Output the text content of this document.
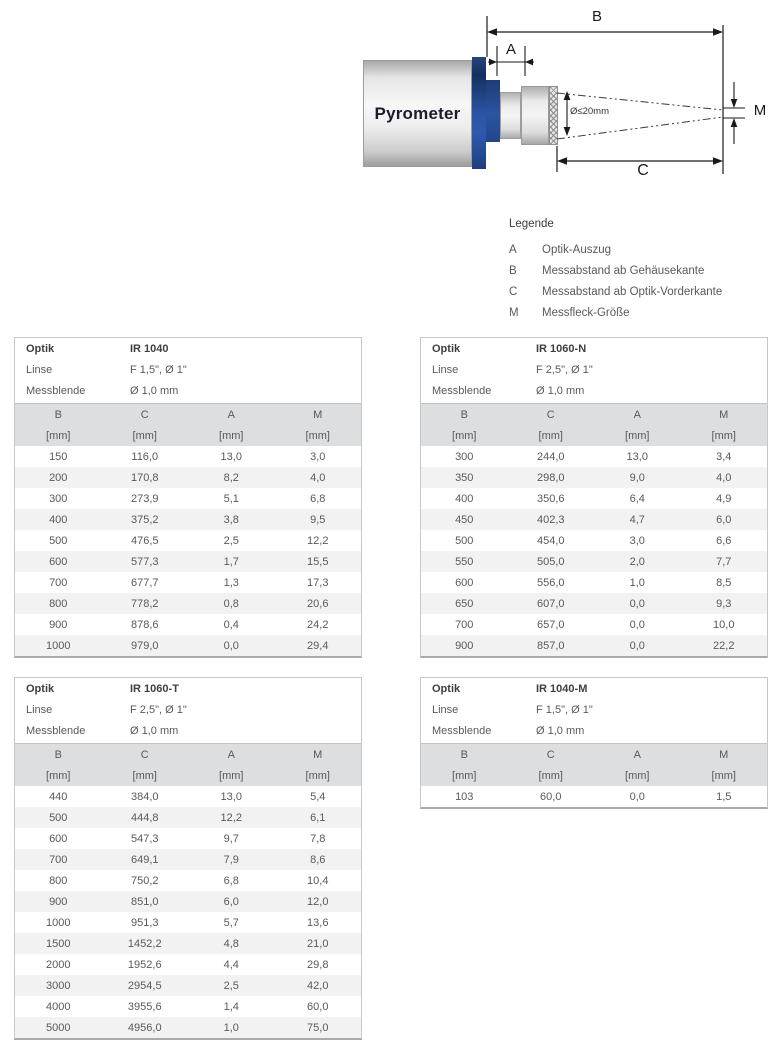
Pyrometer
B
A
C
M
Ø≤20mm
Legende
A	Optik-Auszug
B	Messabstand ab Gehäusekante
C	Messabstand ab Optik-Vorderkante
M	Messfleck-Größe
Optik	IR 1040
Linse	F 1,5", Ø 1"
Messblende	Ø 1,0 mm
B	C	A	M
[mm]	[mm]	[mm]	[mm]
150	116,0	13,0	3,0
200	170,8	8,2	4,0
300	273,9	5,1	6,8
400	375,2	3,8	9,5
500	476,5	2,5	12,2
600	577,3	1,7	15,5
700	677,7	1,3	17,3
800	778,2	0,8	20,6
900	878,6	0,4	24,2
1000	979,0	0,0	29,4
Optik	IR 1060-N
Linse	F 2,5", Ø 1"
Messblende	Ø 1,0 mm
B	C	A	M
[mm]	[mm]	[mm]	[mm]
300	244,0	13,0	3,4
350	298,0	9,0	4,0
400	350,6	6,4	4,9
450	402,3	4,7	6,0
500	454,0	3,0	6,6
550	505,0	2,0	7,7
600	556,0	1,0	8,5
650	607,0	0,0	9,3
700	657,0	0,0	10,0
900	857,0	0,0	22,2
Optik	IR 1060-T
Linse	F 2,5", Ø 1"
Messblende	Ø 1,0 mm
B	C	A	M
[mm]	[mm]	[mm]	[mm]
440	384,0	13,0	5,4
500	444,8	12,2	6,1
600	547,3	9,7	7,8
700	649,1	7,9	8,6
800	750,2	6,8	10,4
900	851,0	6,0	12,0
1000	951,3	5,7	13,6
1500	1452,2	4,8	21,0
2000	1952,6	4,4	29,8
3000	2954,5	2,5	42,0
4000	3955,6	1,4	60,0
5000	4956,0	1,0	75,0
Optik	IR 1040-M
Linse	F 1,5", Ø 1"
Messblende	Ø 1,0 mm
B	C	A	M
[mm]	[mm]	[mm]	[mm]
103	60,0	0,0	1,5
